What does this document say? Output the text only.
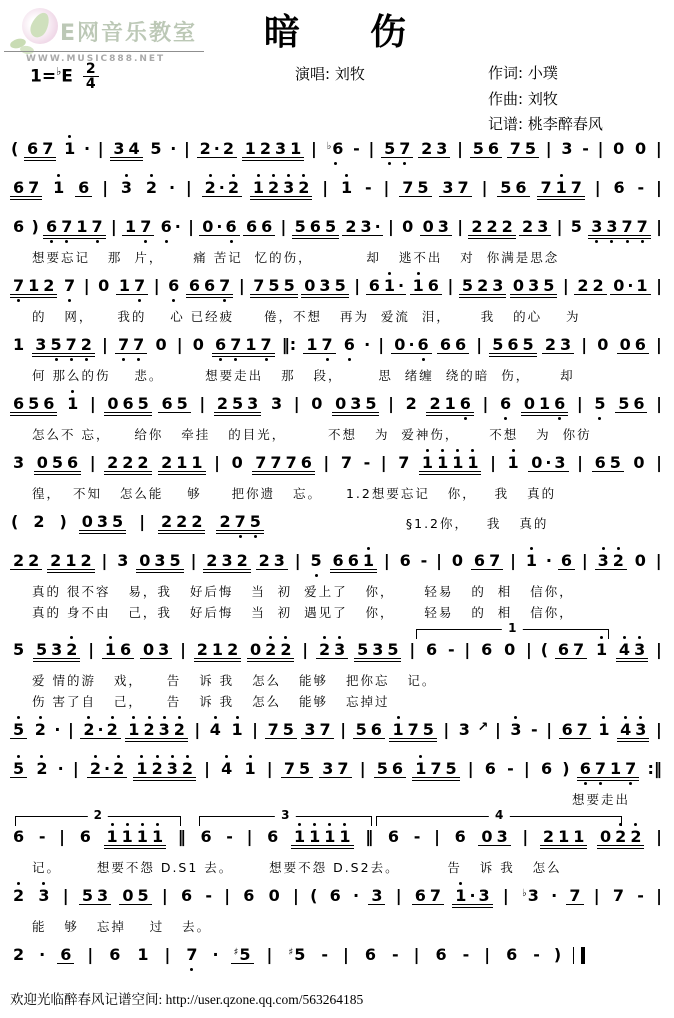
E网音乐教室
WWW.MUSIC888.NET
$1=^♭E \frac{2}{4}$
暗    伤
演唱: 刘牧	作词: 小璞
作曲: 刘牧
记谱: 桃李醉春风
( 6 7 1 · | 3 4 5 · | 2 · 2 1 2 3 1 | ♭6 - | 5 7 2 3 | 5 6 7 5 | 3 - | 0 0 |
6 7 1 6 | 3 2 · | 2 · 2 1 2 3 2 | 1 - | 7 5 3 7 | 5 6 7 1 7 | 6 - |
6 ) 6 7 1 7 | 1 7 6 · | 0 · 6 6 6 | 5 6 5 2 3 · | 0 0 3 | 2 2 2 2 3 | 5 3 3 7 7 |
想要忘记   那  片，     痛 苦记  忆的伤，         却   逃不出   对  你满是思念
7 1 2 7 | 0 1 7 | 6 6 6 7 | 7 5 5 0 3 5 | 6 1 · 1 6 | 5 2 3 0 3 5 | 2 2 0 · 1 |
的   网，    我的    心 已经疲     倦，不想   再为  爱流  泪，     我   的心    为
1 3 5 7 2 | 7 7 0 | 0 6 7 1 7 ‖: 1 7 6 · | 0 · 6 6 6 | 5 6 5 2 3 | 0 0 6 |
何 那么的伤    悲。       想要走出   那   段，      思  绪缠  绕的暗  伤，     却
6 5 6 1 | 0 6 5 6 5 | 2 5 3 3 | 0 0 3 5 | 2 2 1 6 | 6 0 1 6 | 5 5 6 |
怎么不 忘，    给你   牵挂   的目光，       不想   为  爱神伤，     不想   为  你彷
3 0 5 6 | 2 2 2 2 1 1 | 0 7 7 7 6 | 7 - | 7 1 1 1 1 | 1 0 · 3 | 6 5 0 |
徨，  不知   怎么能    够     把你遗   忘。    1.2想要忘记   你，   我   真的
( 2 ) 0 3 5 | 2 2 2 2 7 5	§1.2你，   我   真的
2 2 2 1 2 | 3 0 3 5 | 2 3 2 2 3 | 5 6 6 1 | 6 - | 0 6 7 | 1 · 6 | 3 2 0 |
真的 很不容   易，我   好后悔   当  初  爱上了   你，     轻易   的  相   信你，
真的 身不由   己，我   好后悔   当  初  遇见了   你，     轻易   的  相   信你，
5 5 3 2 | 1 6 0 3 | 2 1 2 0 2 2 | 2 3 5 3 5 | 6 - | 6 0 | ( 6 7 1 4 3 |
爱 情的游   戏，    告   诉 我   怎么   能够   把你忘   记。
伤 害了自   己，    告   诉 我   怎么   能够   忘掉过
1
5 2 · | 2 · 2 1 2 3 2 | 4 1 | 7 5 3 7 | 5 6 1 7 5 | 3 ↗ | 3 - | 6 7 1 4 3 |
5 2 · | 2 · 2 1 2 3 2 | 4 1 | 7 5 3 7 | 5 6 1 7 5 | 6 - | 6 ) 6 7 1 7 :‖
想要走出
6 - | 6 1 1 1 1 ‖ 6 - | 6 1 1 1 1 ‖ 6 - | 6 0 3 | 2 1 1 0 2 2 |
记。      想要不怨 D.S1 去。      想要不怨 D.S2去。        告   诉 我   怎么
2	3	4
2 3 | 5 3 0 5 | 6 - | 6 0 | ( 6 · 3 | 6 7 1 · 3 | ♭3 · 7 | 7 - |
能   够   忘掉    过   去。
2 · 6 | 6 1 | 7 · ♯5 | ♯5 - | 6 - | 6 - | 6 - )
欢迎光临醉春风记谱空间: http://user.qzone.qq.com/563264185
